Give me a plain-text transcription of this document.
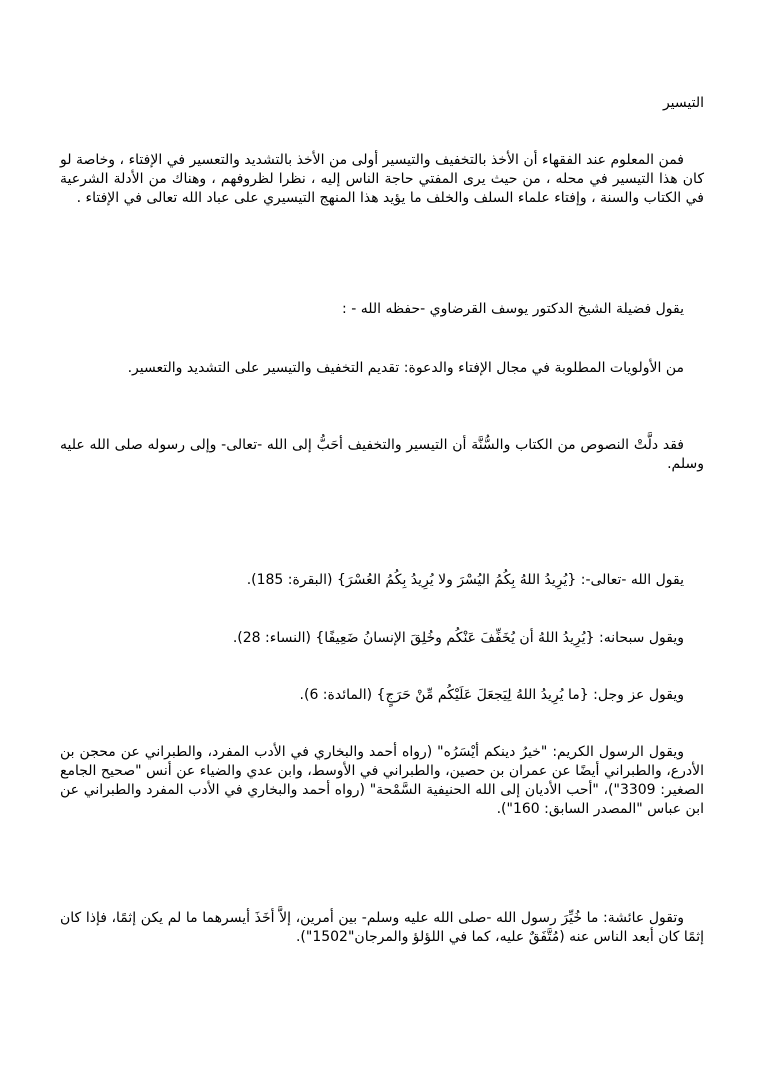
التيسير

فمن المعلوم عند الفقهاء أن الأخذ بالتخفيف والتيسير أولى من الأخذ بالتشديد والتعسير في الإفتاء ، وخاصة لو كان هذا التيسير في محله ، من حيث يرى المفتي حاجة الناس إليه ، نظرا لظروفهم ، وهناك من الأدلة الشرعية في الكتاب والسنة ، وإفتاء علماء السلف والخلف ما يؤيد هذا المنهج التيسيري على عباد الله تعالى في الإفتاء .

يقول فضيلة الشيخ الدكتور يوسف القرضاوي -حفظه الله - :

من الأولويات المطلوبة في مجال الإفتاء والدعوة: تقديم التخفيف والتيسير على التشديد والتعسير.

فقد دلَّتْ النصوص من الكتاب والسُّنَّة أن التيسير والتخفيف أحَبُّ إلى الله -تعالى- وإلى رسوله صلى الله عليه وسلم.

يقول الله -تعالى-: {يُرِيدُ اللهُ بِكُمُ اليُسْرَ ولا يُرِيدُ بِكُمُ العُسْرَ} (البقرة: 185).

ويقول سبحانه: {يُرِيدُ اللهُ أن يُخَفِّفَ عَنْكُم وخُلِقَ الإنسانُ ضَعِيفًا} (النساء: 28).

ويقول عز وجل: {ما يُرِيدُ اللهُ لِيَجعَلَ عَلَيْكُم مِّنْ حَرَجٍ} (المائدة: 6).

ويقول الرسول الكريم: "خيرُ دينكم أيْسَرُه" (رواه أحمد والبخاري في الأدب المفرد، والطبراني عن محجن بن الأدرع، والطبراني أيضًا عن عمران بن حصين، والطبراني في الأوسط، وابن عدي والضياء عن أنس "صحيح الجامع الصغير: 3309")، "أحب الأديان إلى الله الحنيفية السَّمْحة" (رواه أحمد والبخاري في الأدب المفرد والطبراني عن ابن عباس "المصدر السابق: 160").

وتقول عائشة: ما خُيِّرَ رسول الله -صلى الله عليه وسلم- بين أمرين، إلاَّ أخَذَ أيسرهما ما لم يكن إثمًا، فإذا كان إثمًا كان أبعد الناس عنه (مُتَّفَقٌ عليه، كما في اللؤلؤ والمرجان"1502").
